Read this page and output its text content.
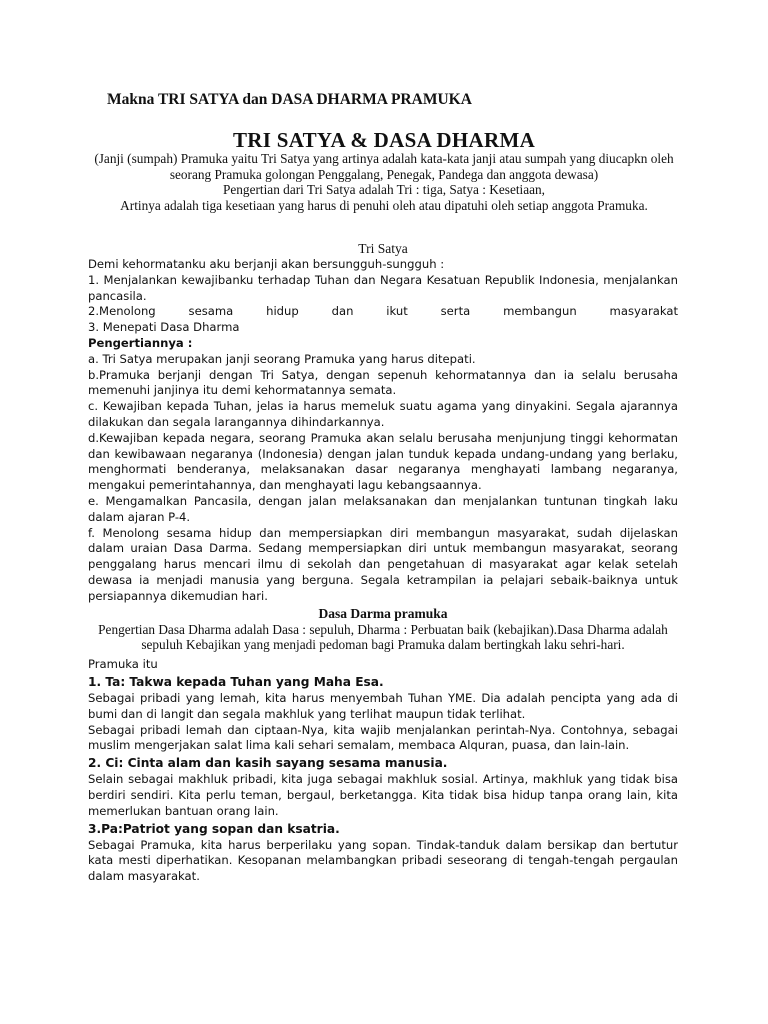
Makna TRI SATYA dan DASA DHARMA PRAMUKA
TRI SATYA & DASA DHARMA

(Janji (sumpah) Pramuka yaitu Tri Satya yang artinya adalah kata-kata janji atau sumpah yang diucapkn oleh seorang Pramuka golongan Penggalang, Penegak, Pandega dan anggota dewasa)

Pengertian dari Tri Satya adalah Tri : tiga, Satya : Kesetiaan,

Artinya adalah tiga kesetiaan yang harus di penuhi oleh atau dipatuhi oleh setiap anggota Pramuka.

Tri Satya

Demi kehormatanku aku berjanji akan bersungguh-sungguh :

1. Menjalankan kewajibanku terhadap Tuhan dan Negara Kesatuan Republik Indonesia, menjalankan pancasila.

2.Menolong sesama hidup dan ikut serta membangun masyarakat

3. Menepati Dasa Dharma

Pengertiannya :

a. Tri Satya merupakan janji seorang Pramuka yang harus ditepati.

b.Pramuka berjanji dengan Tri Satya, dengan sepenuh kehormatannya dan ia selalu berusaha memenuhi janjinya itu demi kehormatannya semata.

c. Kewajiban kepada Tuhan, jelas ia harus memeluk suatu agama yang dinyakini. Segala ajarannya dilakukan dan segala larangannya dihindarkannya.

d.Kewajiban kepada negara, seorang Pramuka akan selalu berusaha menjunjung tinggi kehormatan dan kewibawaan negaranya (Indonesia) dengan jalan tunduk kepada undang-undang yang berlaku, menghormati benderanya, melaksanakan dasar negaranya menghayati lambang negaranya, mengakui pemerintahannya, dan menghayati lagu kebangsaannya.

e. Mengamalkan Pancasila, dengan jalan melaksanakan dan menjalankan tuntunan tingkah laku dalam ajaran P-4.

f. Menolong sesama hidup dan mempersiapkan diri membangun masyarakat, sudah dijelaskan dalam uraian Dasa Darma. Sedang mempersiapkan diri untuk membangun masyarakat, seorang penggalang harus mencari ilmu di sekolah dan pengetahuan di masyarakat agar kelak setelah dewasa ia menjadi manusia yang berguna. Segala ketrampilan ia pelajari sebaik-baiknya untuk persiapannya dikemudian hari.

Dasa Darma pramuka

Pengertian Dasa Dharma adalah Dasa : sepuluh, Dharma : Perbuatan baik (kebajikan).Dasa Dharma adalah sepuluh Kebajikan yang menjadi pedoman bagi Pramuka dalam bertingkah laku sehri-hari.

Pramuka itu

1. Ta: Takwa kepada Tuhan yang Maha Esa.

Sebagai pribadi yang lemah, kita harus menyembah Tuhan YME. Dia adalah pencipta yang ada di bumi dan di langit dan segala makhluk yang terlihat maupun tidak terlihat.

Sebagai pribadi lemah dan ciptaan-Nya, kita wajib menjalankan perintah-Nya. Contohnya, sebagai muslim mengerjakan salat lima kali sehari semalam, membaca Alquran, puasa, dan lain-lain.

2. Ci: Cinta alam dan kasih sayang sesama manusia.

Selain sebagai makhluk pribadi, kita juga sebagai makhluk sosial. Artinya, makhluk yang tidak bisa berdiri sendiri. Kita perlu teman, bergaul, berketangga. Kita tidak bisa hidup tanpa orang lain, kita memerlukan bantuan orang lain.

3.Pa:Patriot yang sopan dan ksatria.

Sebagai Pramuka, kita harus berperilaku yang sopan. Tindak-tanduk dalam bersikap dan bertutur kata mesti diperhatikan. Kesopanan melambangkan pribadi seseorang di tengah-tengah pergaulan dalam masyarakat.
